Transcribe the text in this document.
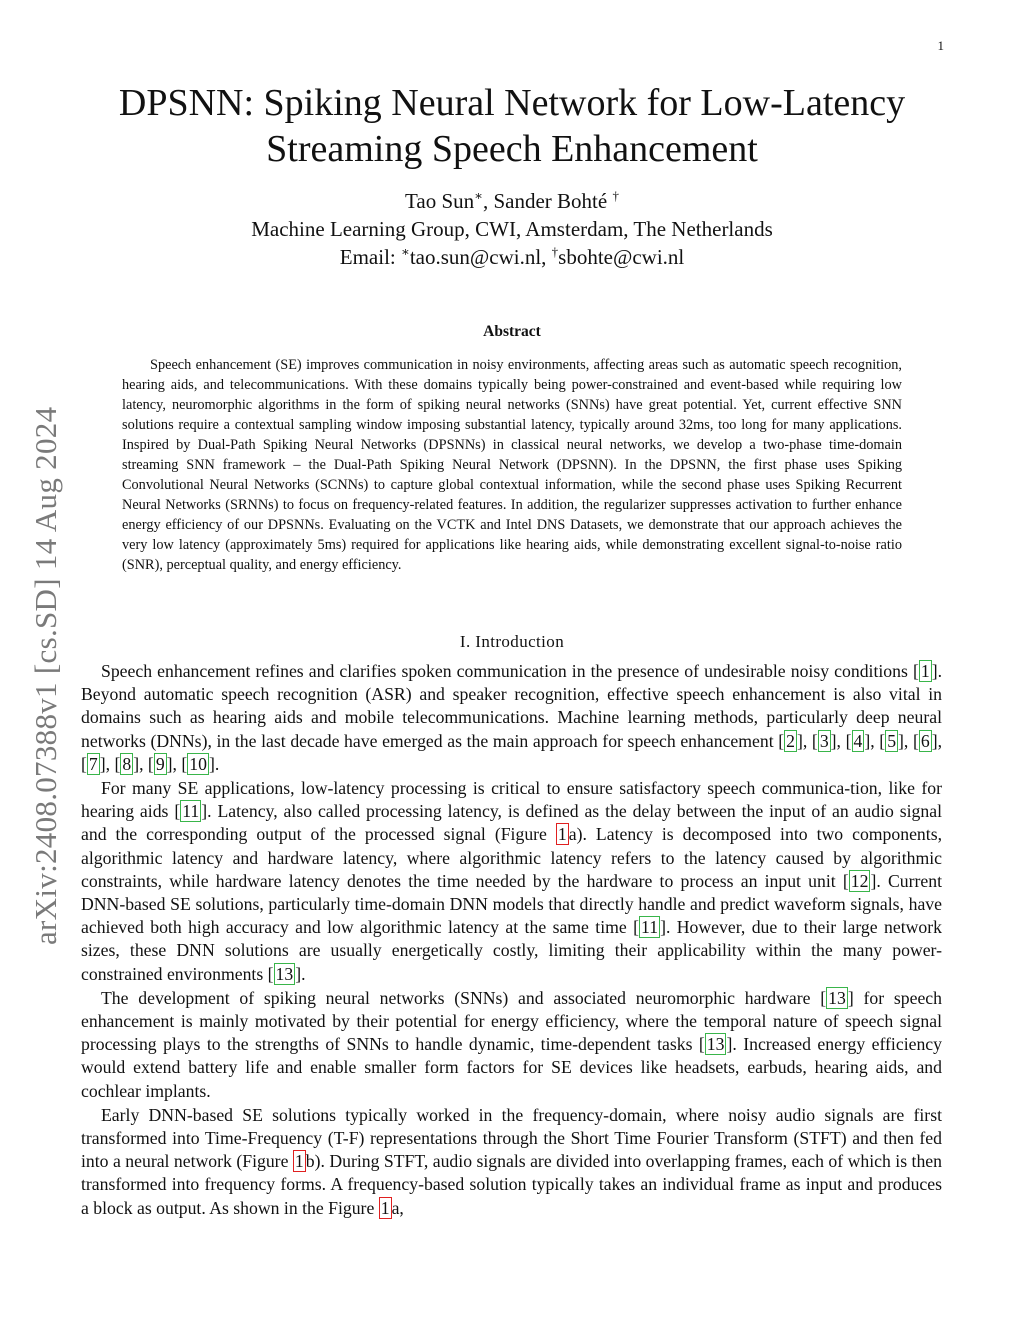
1
arXiv:2408.07388v1 [cs.SD] 14 Aug 2024
DPSNN: Spiking Neural Network for Low-Latency
Streaming Speech Enhancement
Tao Sun∗, Sander Bohté †
Machine Learning Group, CWI, Amsterdam, The Netherlands
Email: ∗tao.sun@cwi.nl, †sbohte@cwi.nl
Abstract

Speech enhancement (SE) improves communication in noisy environments, affecting areas such as automatic speech recognition, hearing aids, and telecommunications. With these domains typically being power-constrained and event-based while requiring low latency, neuromorphic algorithms in the form of spiking neural networks (SNNs) have great potential. Yet, current effective SNN solutions require a contextual sampling window imposing substantial latency, typically around 32ms, too long for many applications. Inspired by Dual-Path Spiking Neural Networks (DPSNNs) in classical neural networks, we develop a two-phase time-domain streaming SNN framework – the Dual-Path Spiking Neural Network (DPSNN). In the DPSNN, the first phase uses Spiking Convolutional Neural Networks (SCNNs) to capture global contextual information, while the second phase uses Spiking Recurrent Neural Networks (SRNNs) to focus on frequency-related features. In addition, the regularizer suppresses activation to further enhance energy efficiency of our DPSNNs. Evaluating on the VCTK and Intel DNS Datasets, we demonstrate that our approach achieves the very low latency (approximately 5ms) required for applications like hearing aids, while demonstrating excellent signal-to-noise ratio (SNR), perceptual quality, and energy efficiency.

I. Introduction

Speech enhancement refines and clarifies spoken communication in the presence of undesirable noisy conditions [ 1 ]. Beyond automatic speech recognition (ASR) and speaker recognition, effective speech enhancement is also vital in domains such as hearing aids and mobile telecommunications. Machine learning methods, particularly deep neural networks (DNNs), in the last decade have emerged as the main approach for speech enhancement [ 2 ], [ 3 ], [ 4 ], [ 5 ], [ 6 ], [ 7 ], [ 8 ], [ 9 ], [ 10 ].

For many SE applications, low-latency processing is critical to ensure satisfactory speech communica-tion, like for hearing aids [ 11 ]. Latency, also called processing latency, is defined as the delay between the input of an audio signal and the corresponding output of the processed signal (Figure 1 a). Latency is decomposed into two components, algorithmic latency and hardware latency, where algorithmic latency refers to the latency caused by algorithmic constraints, while hardware latency denotes the time needed by the hardware to process an input unit [ 12 ]. Current DNN-based SE solutions, particularly time-domain DNN models that directly handle and predict waveform signals, have achieved both high accuracy and low algorithmic latency at the same time [ 11 ]. However, due to their large network sizes, these DNN solutions are usually energetically costly, limiting their applicability within the many power-constrained environments [ 13 ].

The development of spiking neural networks (SNNs) and associated neuromorphic hardware [ 13 ] for speech enhancement is mainly motivated by their potential for energy efficiency, where the temporal nature of speech signal processing plays to the strengths of SNNs to handle dynamic, time-dependent tasks [ 13 ]. Increased energy efficiency would extend battery life and enable smaller form factors for SE devices like headsets, earbuds, hearing aids, and cochlear implants.

Early DNN-based SE solutions typically worked in the frequency-domain, where noisy audio signals are first transformed into Time-Frequency (T-F) representations through the Short Time Fourier Transform (STFT) and then fed into a neural network (Figure 1 b). During STFT, audio signals are divided into overlapping frames, each of which is then transformed into frequency forms. A frequency-based solution typically takes an individual frame as input and produces a block as output. As shown in the Figure 1 a,
